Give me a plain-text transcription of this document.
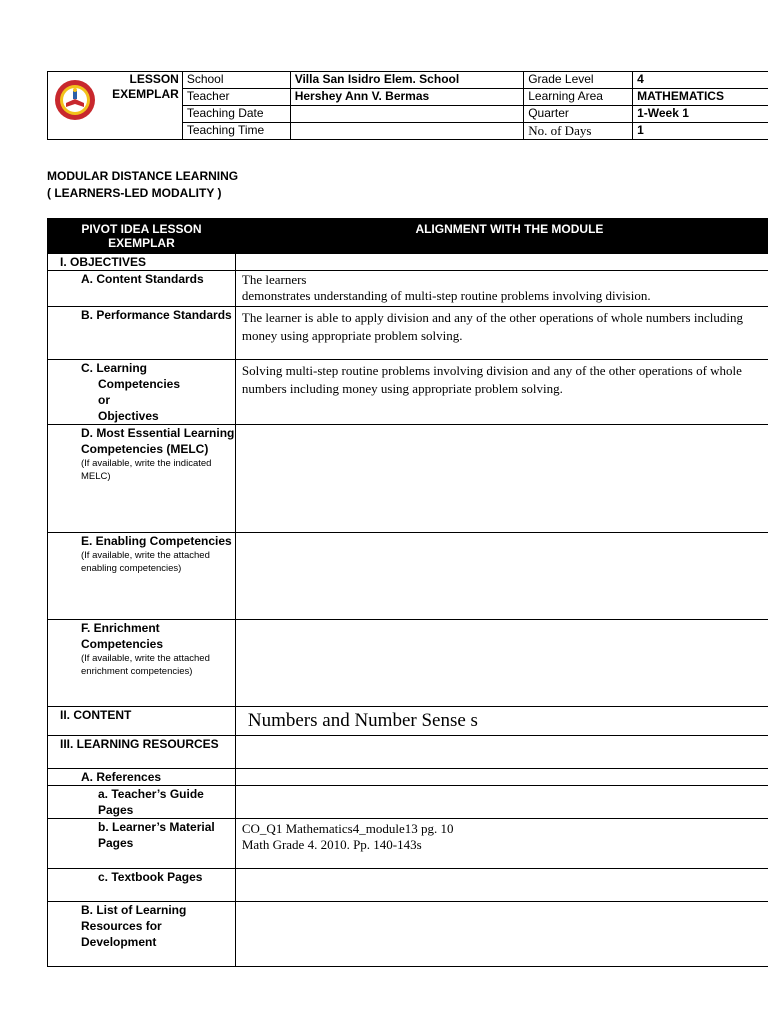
LESSON
EXEMPLAR	School	Villa San Isidro Elem. School	Grade Level	4
	Teacher	Hershey Ann V. Bermas	Learning Area	MATHEMATICS
	Teaching Date		Quarter	1-Week 1
	Teaching Time		No. of Days	1
MODULAR DISTANCE LEARNING
( LEARNERS-LED MODALITY )
PIVOT IDEA LESSON EXEMPLAR	ALIGNMENT WITH THE MODULE
I. OBJECTIVES	
A. Content Standards	The learners
demonstrates understanding of multi-step routine problems involving division.

B. Performance Standards	The learner is able to apply division and any of the other operations of whole numbers including money using appropriate problem solving.

C. Learning
Competencies
or
Objectives	Solving multi-step routine problems involving division and any of the other operations of whole numbers including money using appropriate problem solving.
D. Most Essential Learning Competencies (MELC)
(If available, write the indicated MELC)	

E. Enabling Competencies
(If available, write the attached enabling competencies)	

F. Enrichment Competencies
(If available, write the attached enrichment competencies)	

II. CONTENT	Numbers and Number Sense s
III. LEARNING RESOURCES	
A. References	
a. Teacher’s Guide Pages	
b. Learner’s Material Pages	CO_Q1 Mathematics4_module13 pg. 10
Math Grade 4. 2010. Pp. 140-143s

c. Textbook Pages	
B. List of Learning Resources for Development	
